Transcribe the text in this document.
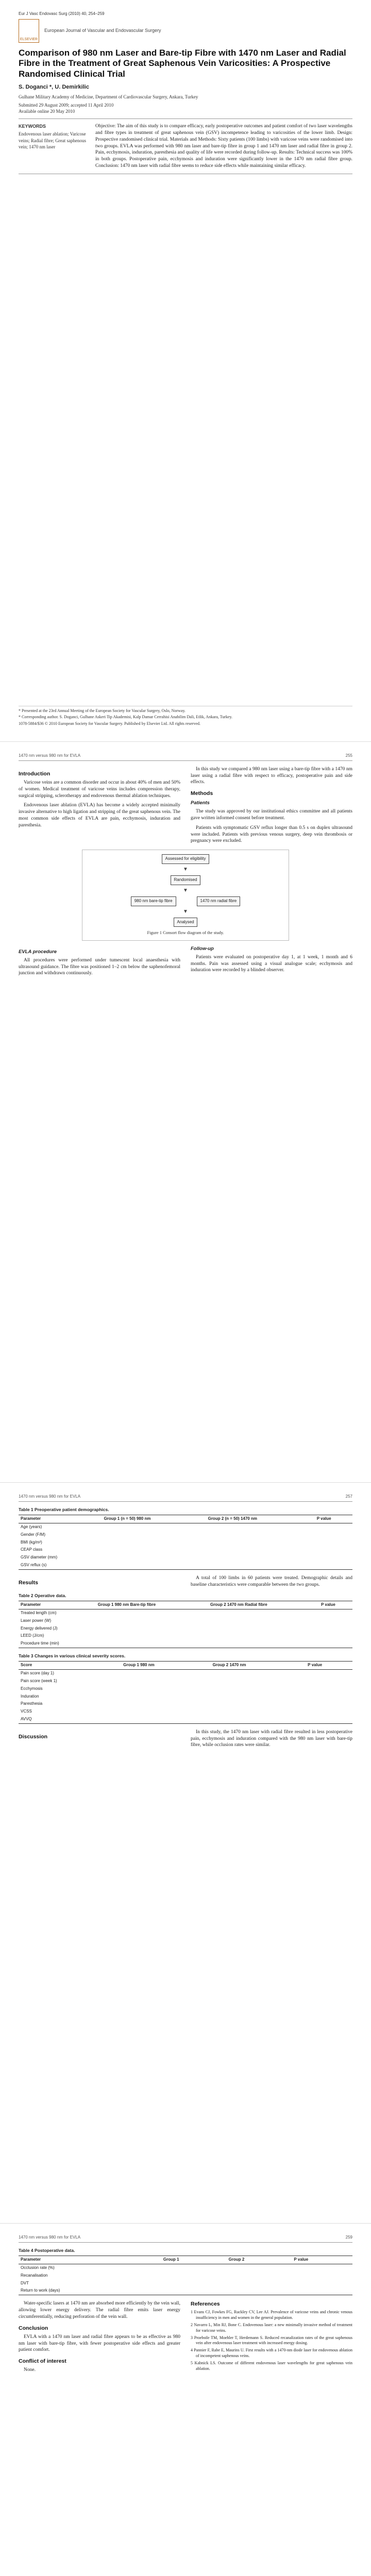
Eur J Vasc Endovasc Surg (2010) 40, 254–259
ELSEVIER
European Journal of Vascular and Endovascular Surgery
Comparison of 980 nm Laser and Bare-tip Fibre with 1470 nm Laser and Radial Fibre in the Treatment of Great Saphenous Vein Varicosities: A Prospective Randomised Clinical Trial
S. Doganci *, U. Demirkilic
Gulhane Military Academy of Medicine, Department of Cardiovascular Surgery, Ankara, Turkey
Submitted 29 August 2009; accepted 11 April 2010
Available online 20 May 2010
KEYWORDS
Endovenous laser ablation; Varicose veins; Radial fibre; Great saphenous vein; 1470 nm laser
Objective: The aim of this study is to compare efficacy, early postoperative outcomes and patient comfort of two laser wavelengths and fibre types in treatment of great saphenous vein (GSV) incompetence leading to varicosities of the lower limb. Design: Prospective randomised clinical trial. Materials and Methods: Sixty patients (100 limbs) with varicose veins were randomised into two groups. EVLA was performed with 980 nm laser and bare-tip fibre in group 1 and 1470 nm laser and radial fibre in group 2. Pain, ecchymosis, induration, paresthesia and quality of life were recorded during follow-up. Results: Technical success was 100% in both groups. Postoperative pain, ecchymosis and induration were significantly lower in the 1470 nm radial fibre group. Conclusion: 1470 nm laser with radial fibre seems to reduce side effects while maintaining similar efficacy.

* Presented at the 23rd Annual Meeting of the European Society for Vascular Surgery, Oslo, Norway.

* Corresponding author. S. Doganci, Gulhane Askeri Tip Akademisi, Kalp Damar Cerrahisi Anabilim Dali, Etlik, Ankara, Turkey.

1078-5884/$36 © 2010 European Society for Vascular Surgery. Published by Elsevier Ltd. All rights reserved.

1470 nm versus 980 nm for EVLA	255
Introduction

Varicose veins are a common disorder and occur in about 40% of men and 50% of women. Medical treatment of varicose veins includes compression therapy, surgical stripping, sclerotherapy and endovenous thermal ablation techniques.

Endovenous laser ablation (EVLA) has become a widely accepted minimally invasive alternative to high ligation and stripping of the great saphenous vein. The most common side effects of EVLA are pain, ecchymosis, induration and paresthesia.

In this study we compared a 980 nm laser using a bare-tip fibre with a 1470 nm laser using a radial fibre with respect to efficacy, postoperative pain and side effects.

Methods
Patients

The study was approved by our institutional ethics committee and all patients gave written informed consent before treatment.

Patients with symptomatic GSV reflux longer than 0.5 s on duplex ultrasound were included. Patients with previous venous surgery, deep vein thrombosis or pregnancy were excluded.

Assessed for eligibility
▼
Randomised
▼
980 nm bare-tip fibre	1470 nm radial fibre
▼
Analysed
Figure 1 Consort flow diagram of the study.
EVLA procedure

All procedures were performed under tumescent local anaesthesia with ultrasound guidance. The fibre was positioned 1–2 cm below the saphenofemoral junction and withdrawn continuously.

Follow-up

Patients were evaluated on postoperative day 1, at 1 week, 1 month and 6 months. Pain was assessed using a visual analogue scale; ecchymosis and induration were recorded by a blinded observer.

1470 nm versus 980 nm for EVLA	257
Table 1 Preoperative patient demographics.
Parameter	Group 1 (n = 50) 980 nm	Group 2 (n = 50) 1470 nm	P value
Age (years)			
Gender (F/M)			
BMI (kg/m²)			
CEAP class			
GSV diameter (mm)			
GSV reflux (s)			
Results

A total of 100 limbs in 60 patients were treated. Demographic details and baseline characteristics were comparable between the two groups.

Table 2 Operative data.
Parameter	Group 1 980 nm Bare-tip fibre	Group 2 1470 nm Radial fibre	P value
Treated length (cm)			
Laser power (W)			
Energy delivered (J)			
LEED (J/cm)			
Procedure time (min)			
Table 3 Changes in various clinical severity scores.
Score	Group 1 980 nm	Group 2 1470 nm	P value
Pain score (day 1)			
Pain score (week 1)			
Ecchymosis			
Induration			
Paresthesia			
VCSS			
AVVQ			
Discussion

In this study, the 1470 nm laser with radial fibre resulted in less postoperative pain, ecchymosis and induration compared with the 980 nm laser with bare-tip fibre, while occlusion rates were similar.

1470 nm versus 980 nm for EVLA	259
Table 4 Postoperative data.
Parameter	Group 1	Group 2	P value
Occlusion rate (%)			
Recanalisation			
DVT			
Return to work (days)			

Water-specific lasers at 1470 nm are absorbed more efficiently by the vein wall, allowing lower energy delivery. The radial fibre emits laser energy circumferentially, reducing perforation of the vein wall.

Conclusion

EVLA with a 1470 nm laser and radial fibre appears to be as effective as 980 nm laser with bare-tip fibre, with fewer postoperative side effects and greater patient comfort.

Conflict of interest

None.

References

1 Evans CJ, Fowkes FG, Ruckley CV, Lee AJ. Prevalence of varicose veins and chronic venous insufficiency in men and women in the general population.

2 Navarro L, Min RJ, Bone C. Endovenous laser: a new minimally invasive method of treatment for varicose veins.

3 Proebstle TM, Moehler T, Herdemann S. Reduced recanalization rates of the great saphenous vein after endovenous laser treatment with increased energy dosing.

4 Pannier F, Rabe E, Maurins U. First results with a 1470-nm diode laser for endovenous ablation of incompetent saphenous veins.

5 Kabnick LS. Outcome of different endovenous laser wavelengths for great saphenous vein ablation.
